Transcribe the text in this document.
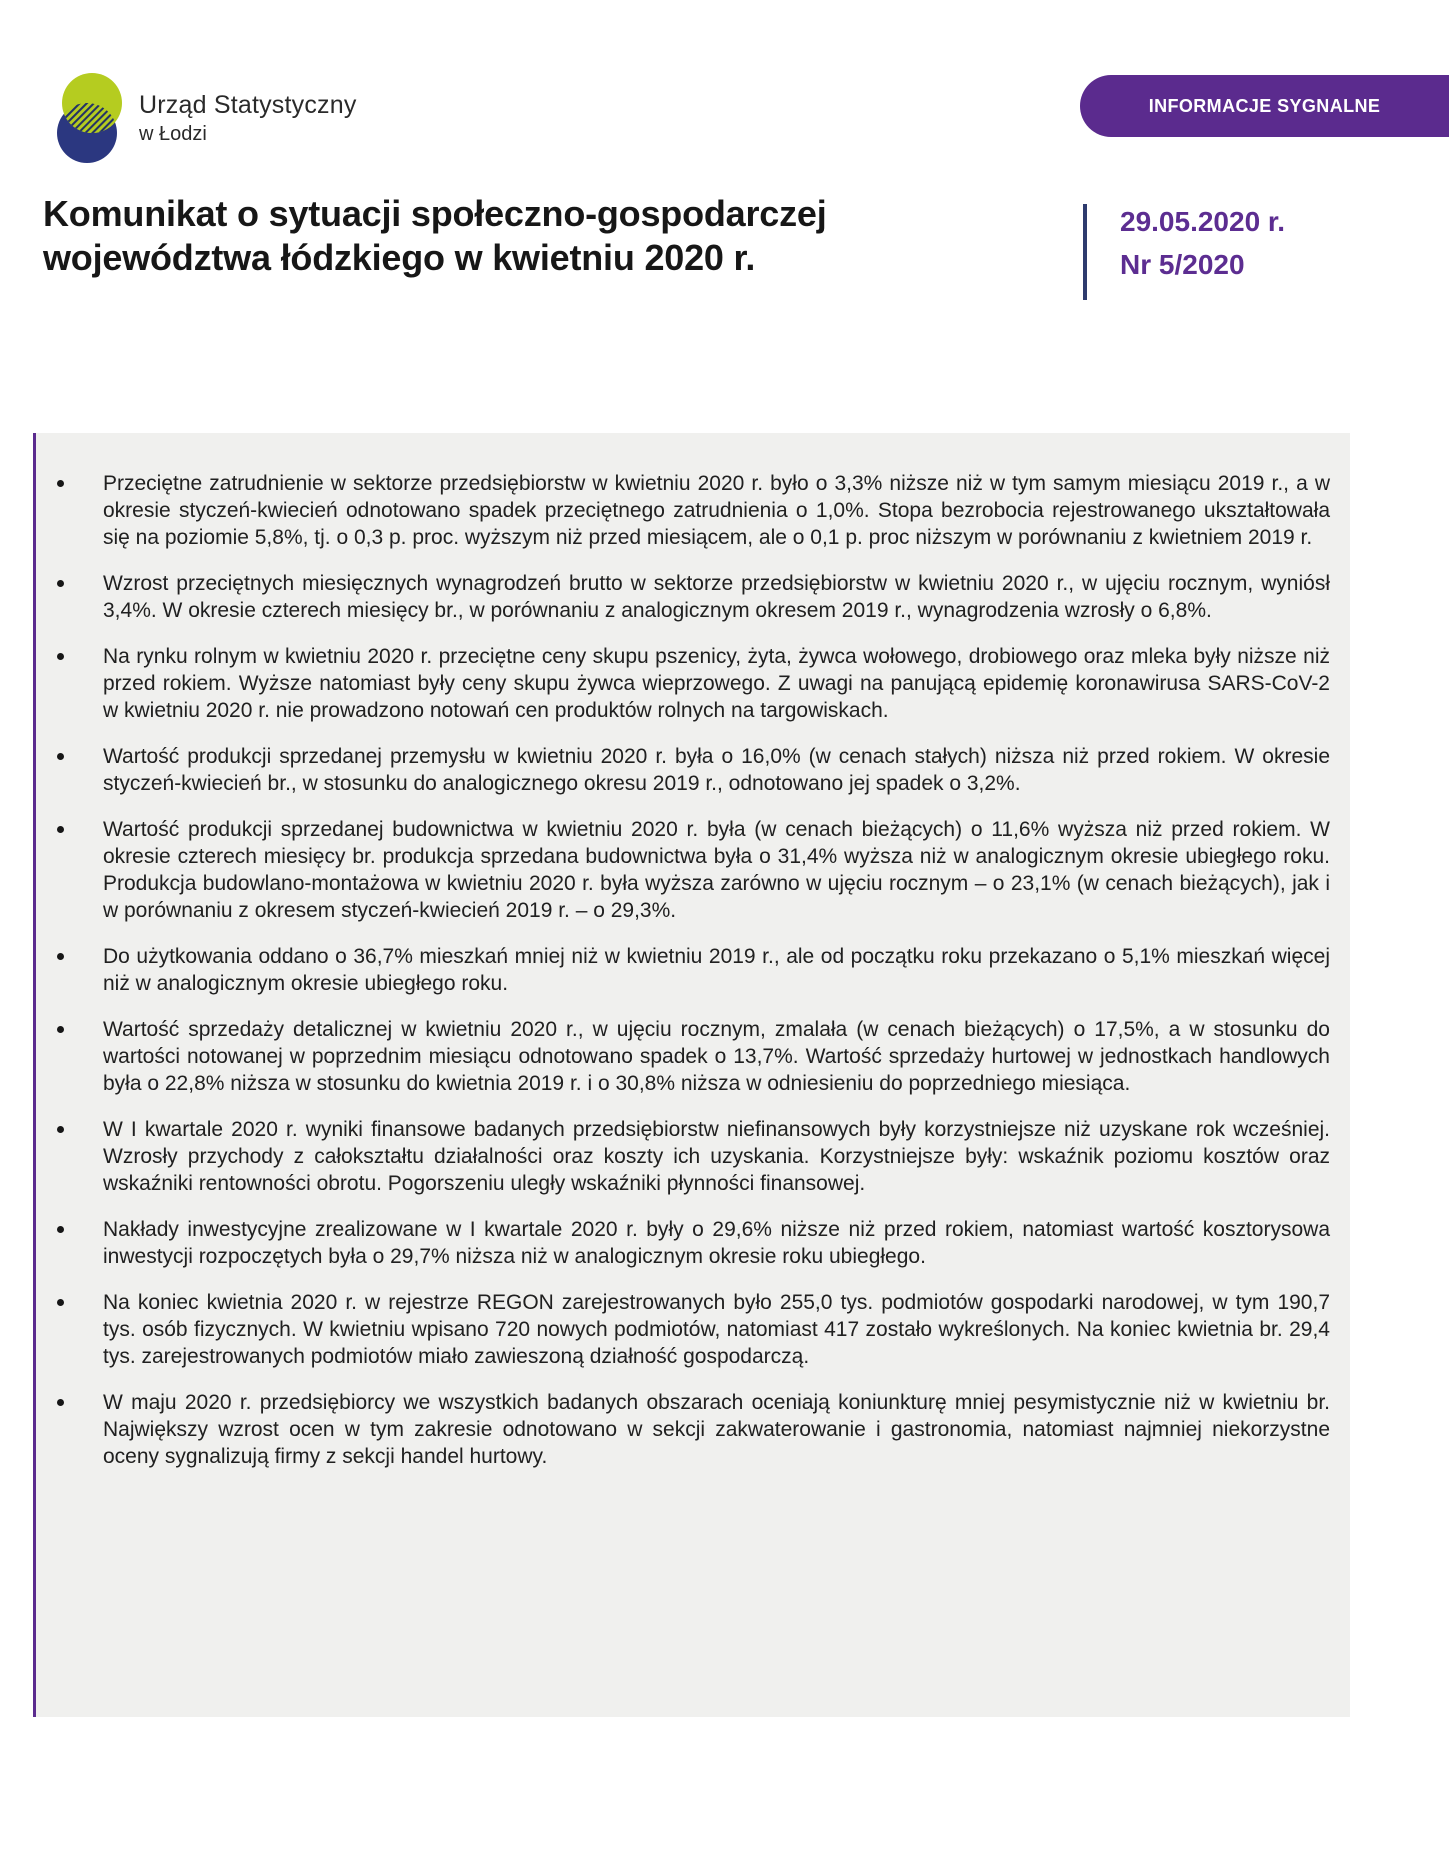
Urząd Statystyczny
w Łodzi
INFORMACJE SYGNALNE
Komunikat o sytuacji społeczno-gospodarczej
województwa łódzkiego w kwietniu 2020 r.
29.05.2020 r.
Nr 5/2020
Przeciętne zatrudnienie w sektorze przedsiębiorstw w kwietniu 2020 r. było o 3,3% niższe niż w tym samym miesiącu 2019 r., a w okresie styczeń-kwiecień odnotowano spadek przeciętnego zatrudnienia o 1,0%. Stopa bezrobocia rejestrowanego ukształtowała się na poziomie 5,8%, tj. o 0,3 p. proc. wyższym niż przed miesiącem, ale o 0,1 p. proc niższym w porównaniu z kwietniem 2019 r.
Wzrost przeciętnych miesięcznych wynagrodzeń brutto w sektorze przedsiębiorstw w kwietniu 2020 r., w ujęciu rocznym, wyniósł 3,4%. W okresie czterech miesięcy br., w porównaniu z analogicznym okresem 2019 r., wynagrodzenia wzrosły o 6,8%.
Na rynku rolnym w kwietniu 2020 r. przeciętne ceny skupu pszenicy, żyta, żywca wołowego, drobiowego oraz mleka były niższe niż przed rokiem. Wyższe natomiast były ceny skupu żywca wieprzowego. Z uwagi na panującą epidemię koronawirusa SARS-CoV-2 w kwietniu 2020 r. nie prowadzono notowań cen produktów rolnych na targowiskach.
Wartość produkcji sprzedanej przemysłu w kwietniu 2020 r. była o 16,0% (w cenach stałych) niższa niż przed rokiem. W okresie styczeń-kwiecień br., w stosunku do analogicznego okresu 2019 r., odnotowano jej spadek o 3,2%.
Wartość produkcji sprzedanej budownictwa w kwietniu 2020 r. była (w cenach bieżących) o 11,6% wyższa niż przed rokiem. W okresie czterech miesięcy br. produkcja sprzedana budownictwa była o 31,4% wyższa niż w analogicznym okresie ubiegłego roku. Produkcja budowlano-montażowa w kwietniu 2020 r. była wyższa zarówno w ujęciu rocznym – o 23,1% (w cenach bieżących), jak i w porównaniu z okresem styczeń-kwiecień 2019 r. – o 29,3%.
Do użytkowania oddano o 36,7% mieszkań mniej niż w kwietniu 2019 r., ale od początku roku przekazano o 5,1% mieszkań więcej niż w analogicznym okresie ubiegłego roku.
Wartość sprzedaży detalicznej w kwietniu 2020 r., w ujęciu rocznym, zmalała (w cenach bieżących) o 17,5%, a w stosunku do wartości notowanej w poprzednim miesiącu odnotowano spadek o 13,7%. Wartość sprzedaży hurtowej w jednostkach handlowych była o 22,8% niższa w stosunku do kwietnia 2019 r. i o 30,8% niższa w odniesieniu do poprzedniego miesiąca.
W I kwartale 2020 r. wyniki finansowe badanych przedsiębiorstw niefinansowych były korzystniejsze niż uzyskane rok wcześniej. Wzrosły przychody z całokształtu działalności oraz koszty ich uzyskania. Korzystniejsze były: wskaźnik poziomu kosztów oraz wskaźniki rentowności obrotu. Pogorszeniu uległy wskaźniki płynności finansowej.
Nakłady inwestycyjne zrealizowane w I kwartale 2020 r. były o 29,6% niższe niż przed rokiem, natomiast wartość kosztorysowa inwestycji rozpoczętych była o 29,7% niższa niż w analogicznym okresie roku ubiegłego.
Na koniec kwietnia 2020 r. w rejestrze REGON zarejestrowanych było 255,0 tys. podmiotów gospodarki narodowej, w tym 190,7 tys. osób fizycznych. W kwietniu wpisano 720 nowych podmiotów, natomiast 417 zostało wykreślonych. Na koniec kwietnia br. 29,4 tys. zarejestrowanych podmiotów miało zawieszoną działność gospodarczą.
W maju 2020 r. przedsiębiorcy we wszystkich badanych obszarach oceniają koniunkturę mniej pesymistycznie niż w kwietniu br. Największy wzrost ocen w tym zakresie odnotowano w sekcji zakwaterowanie i gastronomia, natomiast najmniej niekorzystne oceny sygnalizują firmy z sekcji handel hurtowy.
